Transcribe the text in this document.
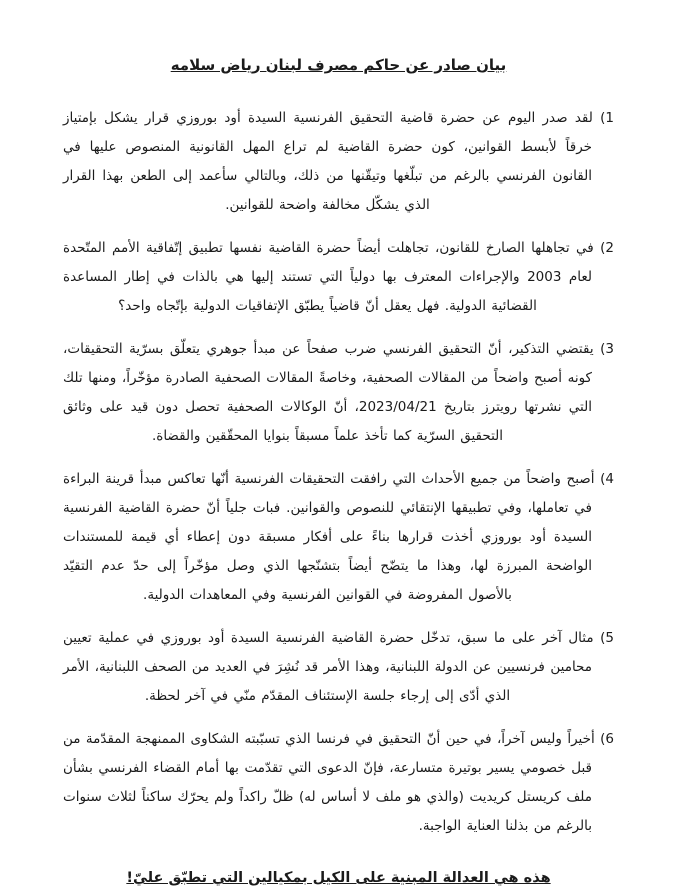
بيان صادر عن حاكم مصرف لبنان رياض سلامه
1) لقد صدر اليوم عن حضرة قاضية التحقيق الفرنسية السيدة أود بوروزي قرار يشكل بإمتياز خرقاً لأبسط القوانين، كون حضرة القاضية لم تراع المهل القانونية المنصوص عليها في القانون الفرنسي بالرغم من تبلّغها وتيقّنها من ذلك، وبالتالي سأعمد إلى الطعن بهذا القرار الذي يشكّل مخالفة واضحة للقوانين.
2) في تجاهلها الصارخ للقانون، تجاهلت أيضاً حضرة القاضية نفسها تطبيق إتّفاقية الأمم المتّحدة لعام 2003 والإجراءات المعترف بها دولياً التي تستند إليها هي بالذات في إطار المساعدة القضائية الدولية. فهل يعقل أنّ قاضياً يطبّق الإتفاقيات الدولية بإتّجاه واحد؟
3) يقتضي التذكير، أنّ التحقيق الفرنسي ضرب صفحاً عن مبدأ جوهري يتعلّق بسرّية التحقيقات، كونه أصبح واضحاً من المقالات الصحفية، وخاصةً المقالات الصحفية الصادرة مؤخّراً، ومنها تلك التي نشرتها رويترز بتاريخ 2023/04/21، أنّ الوكالات الصحفية تحصل دون قيد على وثائق التحقيق السرّية كما تأخذ علماً مسبقاً بنوايا المحقّقين والقضاة.
4) أصبح واضحاً من جميع الأحداث التي رافقت التحقيقات الفرنسية أنّها تعاكس مبدأ قرينة البراءة في تعاملها، وفي تطبيقها الإنتقائي للنصوص والقوانين. فبات جلياً أنّ حضرة القاضية الفرنسية السيدة أود بوروزي أخذت قرارها بناءً على أفكار مسبقة دون إعطاء أي قيمة للمستندات الواضحة المبرزة لها، وهذا ما يتضّح أيضاً بتشنّجها الذي وصل مؤخّراً إلى حدّ عدم التقيّد بالأصول المفروضة في القوانين الفرنسية وفي المعاهدات الدولية.
5) مثال آخر على ما سبق، تدخّل حضرة القاضية الفرنسية السيدة أود بوروزي في عملية تعيين محامين فرنسيين عن الدولة اللبنانية، وهذا الأمر قد نُشِرَ في العديد من الصحف اللبنانية، الأمر الذي أدّى إلى إرجاء جلسة الإستئناف المقدّم منّي في آخر لحظة.
6) أخيراً وليس آخراً، في حين أنّ التحقيق في فرنسا الذي تسبّبته الشكاوى الممنهجة المقدّمة من قبل خصومي يسير بوتيرة متسارعة، فإنّ الدعوى التي تقدّمت بها أمام القضاء الفرنسي بشأن ملف كريستل كريديت (والذي هو ملف لا أساس له) ظلّ راكداً ولم يحرّك ساكناً لثلاث سنوات بالرغم من بذلنا العناية الواجبة.
هذه هي العدالة المبنية على الكيل بمكيالين التي تطبّق عليّ!
